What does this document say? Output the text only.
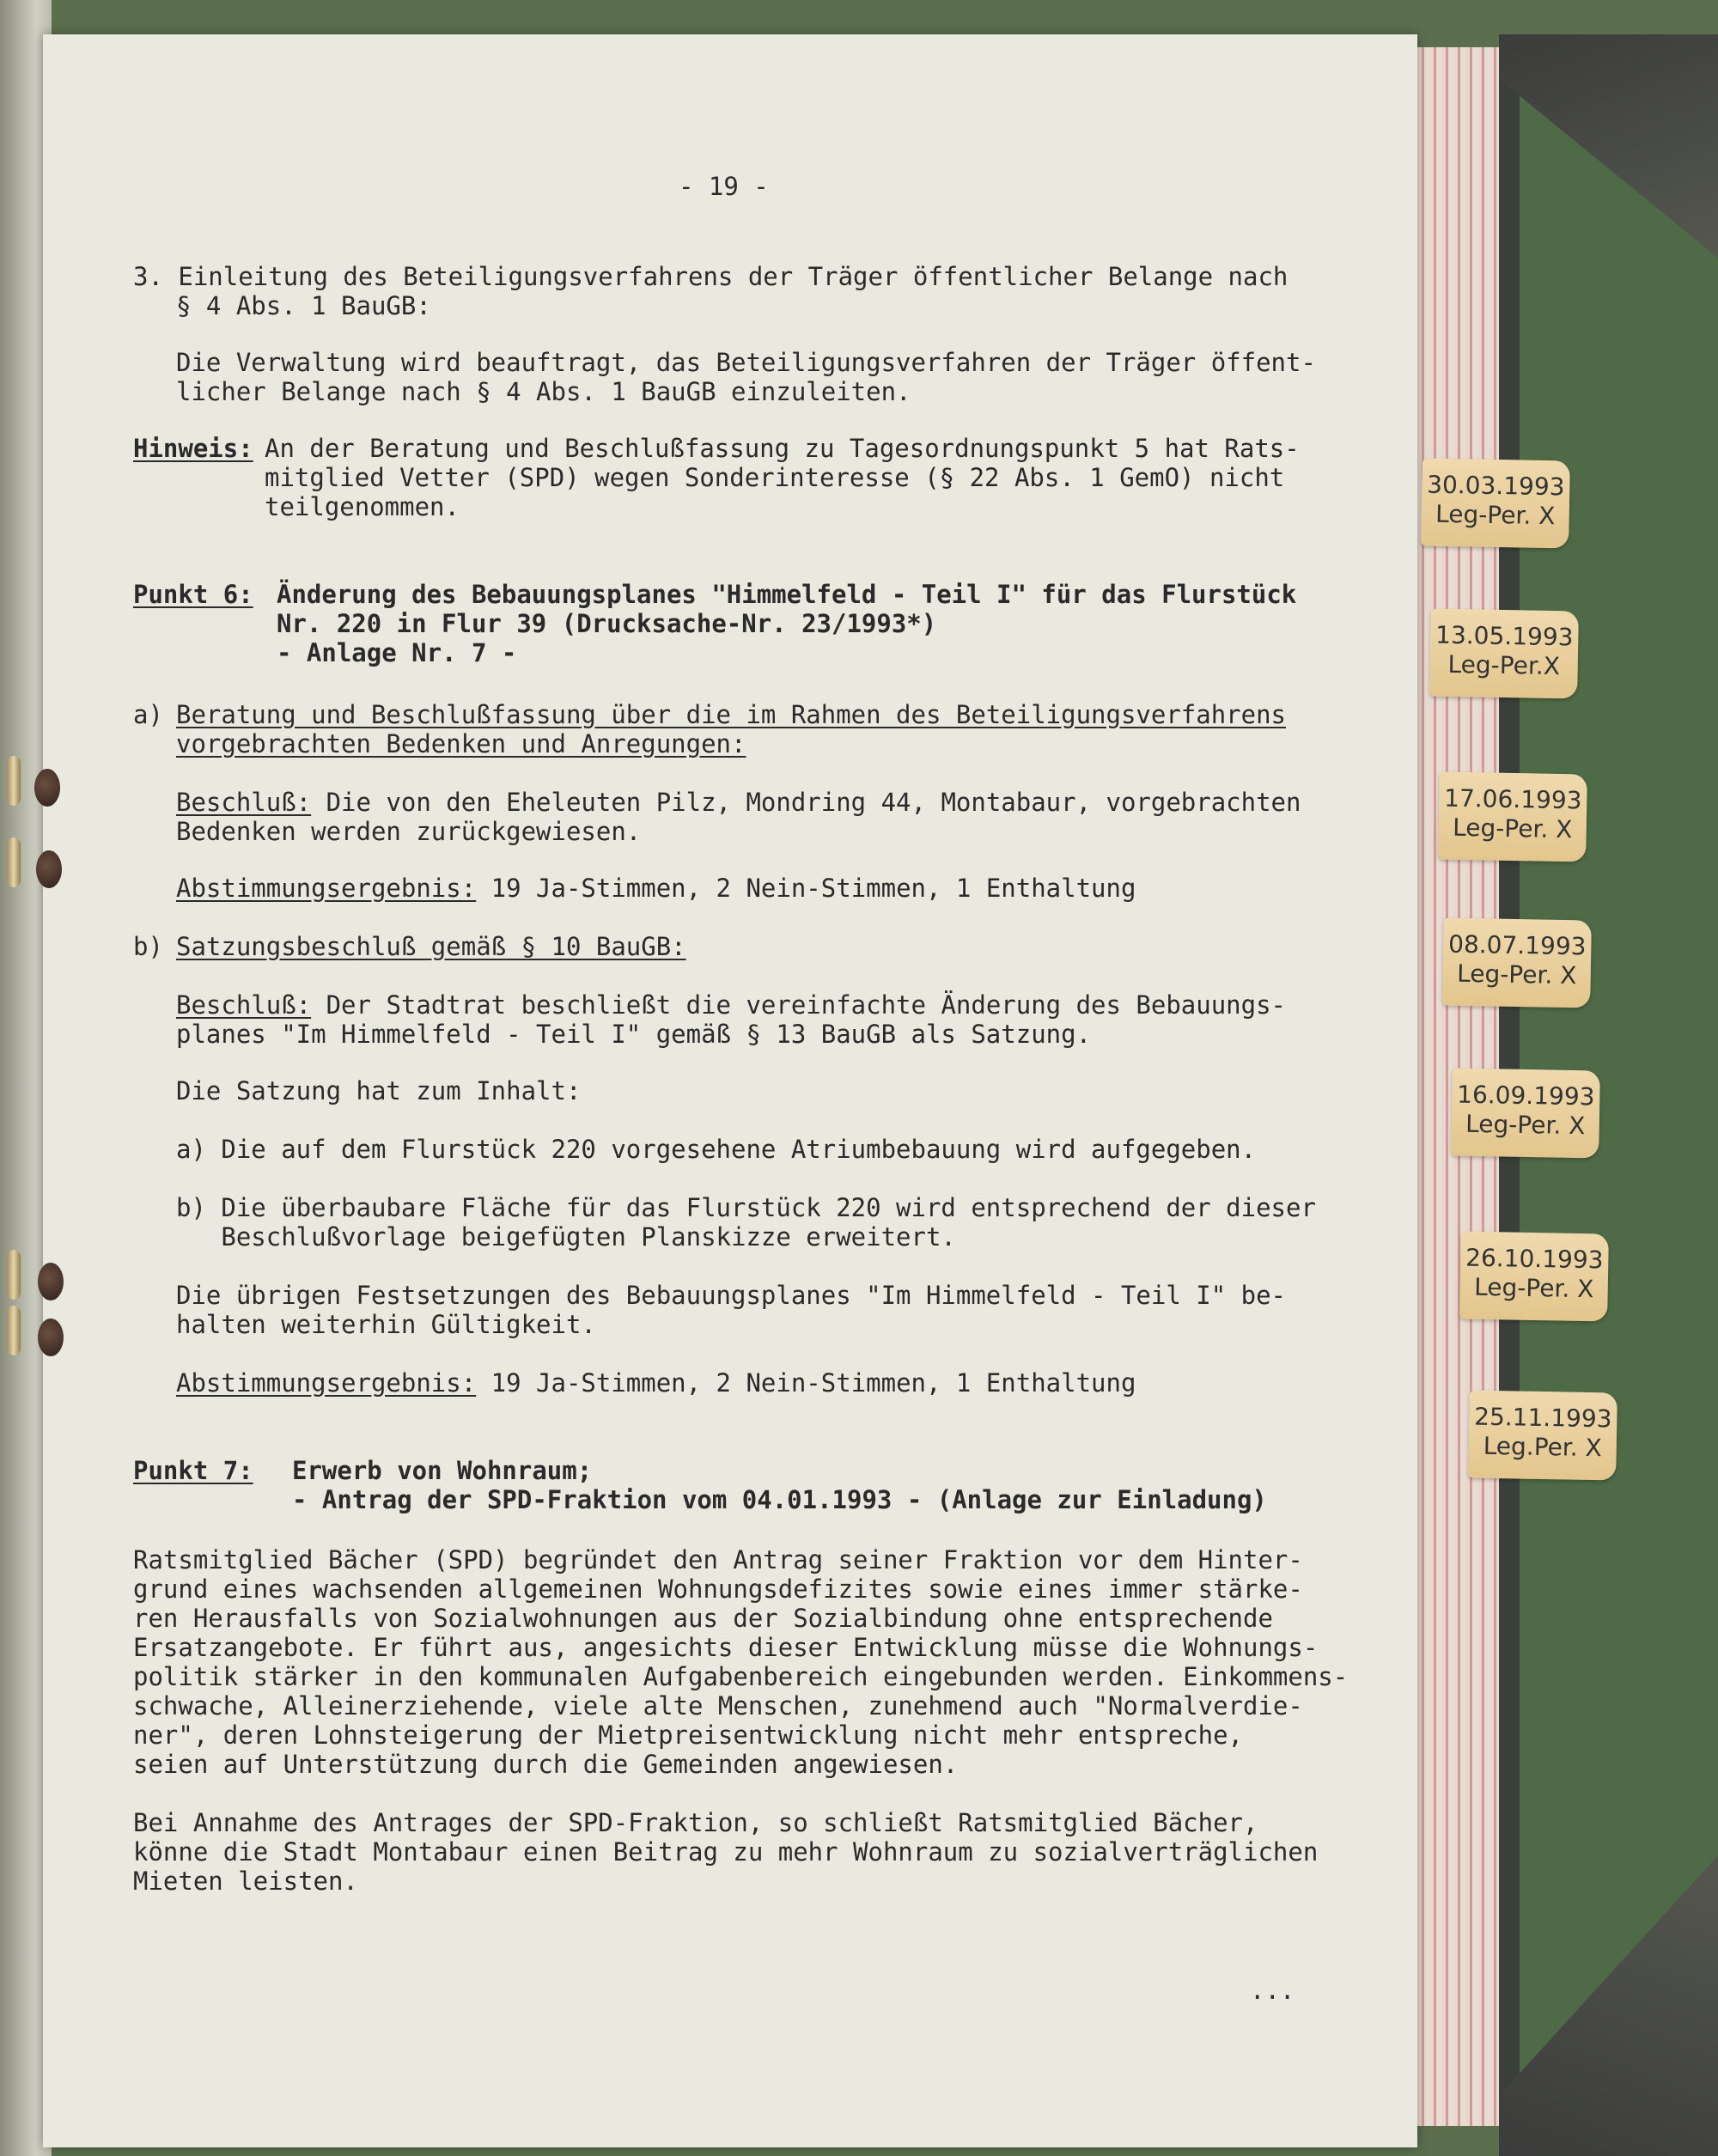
- 19 -
3. Einleitung des Beteiligungsverfahrens der Träger öffentlicher Belange nach
§ 4 Abs. 1 BauGB:
Die Verwaltung wird beauftragt, das Beteiligungsverfahren der Träger öffent-
licher Belange nach § 4 Abs. 1 BauGB einzuleiten.
Hinweis: An der Beratung und Beschlußfassung zu Tagesordnungspunkt 5 hat Rats-
mitglied Vetter (SPD) wegen Sonderinteresse (§ 22 Abs. 1 GemO) nicht
teilgenommen.
Punkt 6: Änderung des Bebauungsplanes "Himmelfeld - Teil I" für das Flurstück
Nr. 220 in Flur 39 (Drucksache-Nr. 23/1993*)
- Anlage Nr. 7 -
a) Beratung und Beschlußfassung über die im Rahmen des Beteiligungsverfahrens
vorgebrachten Bedenken und Anregungen:
Beschluß: Die von den Eheleuten Pilz, Mondring 44, Montabaur, vorgebrachten
Bedenken werden zurückgewiesen.
Abstimmungsergebnis: 19 Ja-Stimmen, 2 Nein-Stimmen, 1 Enthaltung
b) Satzungsbeschluß gemäß § 10 BauGB:
Beschluß: Der Stadtrat beschließt die vereinfachte Änderung des Bebauungs-
planes "Im Himmelfeld - Teil I" gemäß § 13 BauGB als Satzung.
Die Satzung hat zum Inhalt:
a) Die auf dem Flurstück 220 vorgesehene Atriumbebauung wird aufgegeben.
b) Die überbaubare Fläche für das Flurstück 220 wird entsprechend der dieser
Beschlußvorlage beigefügten Planskizze erweitert.
Die übrigen Festsetzungen des Bebauungsplanes "Im Himmelfeld - Teil I" be-
halten weiterhin Gültigkeit.
Abstimmungsergebnis: 19 Ja-Stimmen, 2 Nein-Stimmen, 1 Enthaltung
Punkt 7: Erwerb von Wohnraum;
- Antrag der SPD-Fraktion vom 04.01.1993 - (Anlage zur Einladung)
Ratsmitglied Bächer (SPD) begründet den Antrag seiner Fraktion vor dem Hinter-
grund eines wachsenden allgemeinen Wohnungsdefizites sowie eines immer stärke-
ren Herausfalls von Sozialwohnungen aus der Sozialbindung ohne entsprechende
Ersatzangebote. Er führt aus, angesichts dieser Entwicklung müsse die Wohnungs-
politik stärker in den kommunalen Aufgabenbereich eingebunden werden. Einkommens-
schwache, Alleinerziehende, viele alte Menschen, zunehmend auch "Normalverdie-
ner", deren Lohnsteigerung der Mietpreisentwicklung nicht mehr entspreche,
seien auf Unterstützung durch die Gemeinden angewiesen.
Bei Annahme des Antrages der SPD-Fraktion, so schließt Ratsmitglied Bächer,
könne die Stadt Montabaur einen Beitrag zu mehr Wohnraum zu sozialverträglichen
Mieten leisten.
...
30.03.1993
Leg-Per. X
13.05.1993
Leg-Per.X
17.06.1993
Leg-Per. X
08.07.1993
Leg-Per. X
16.09.1993
Leg-Per. X
26.10.1993
Leg-Per. X
25.11.1993
Leg.Per. X
